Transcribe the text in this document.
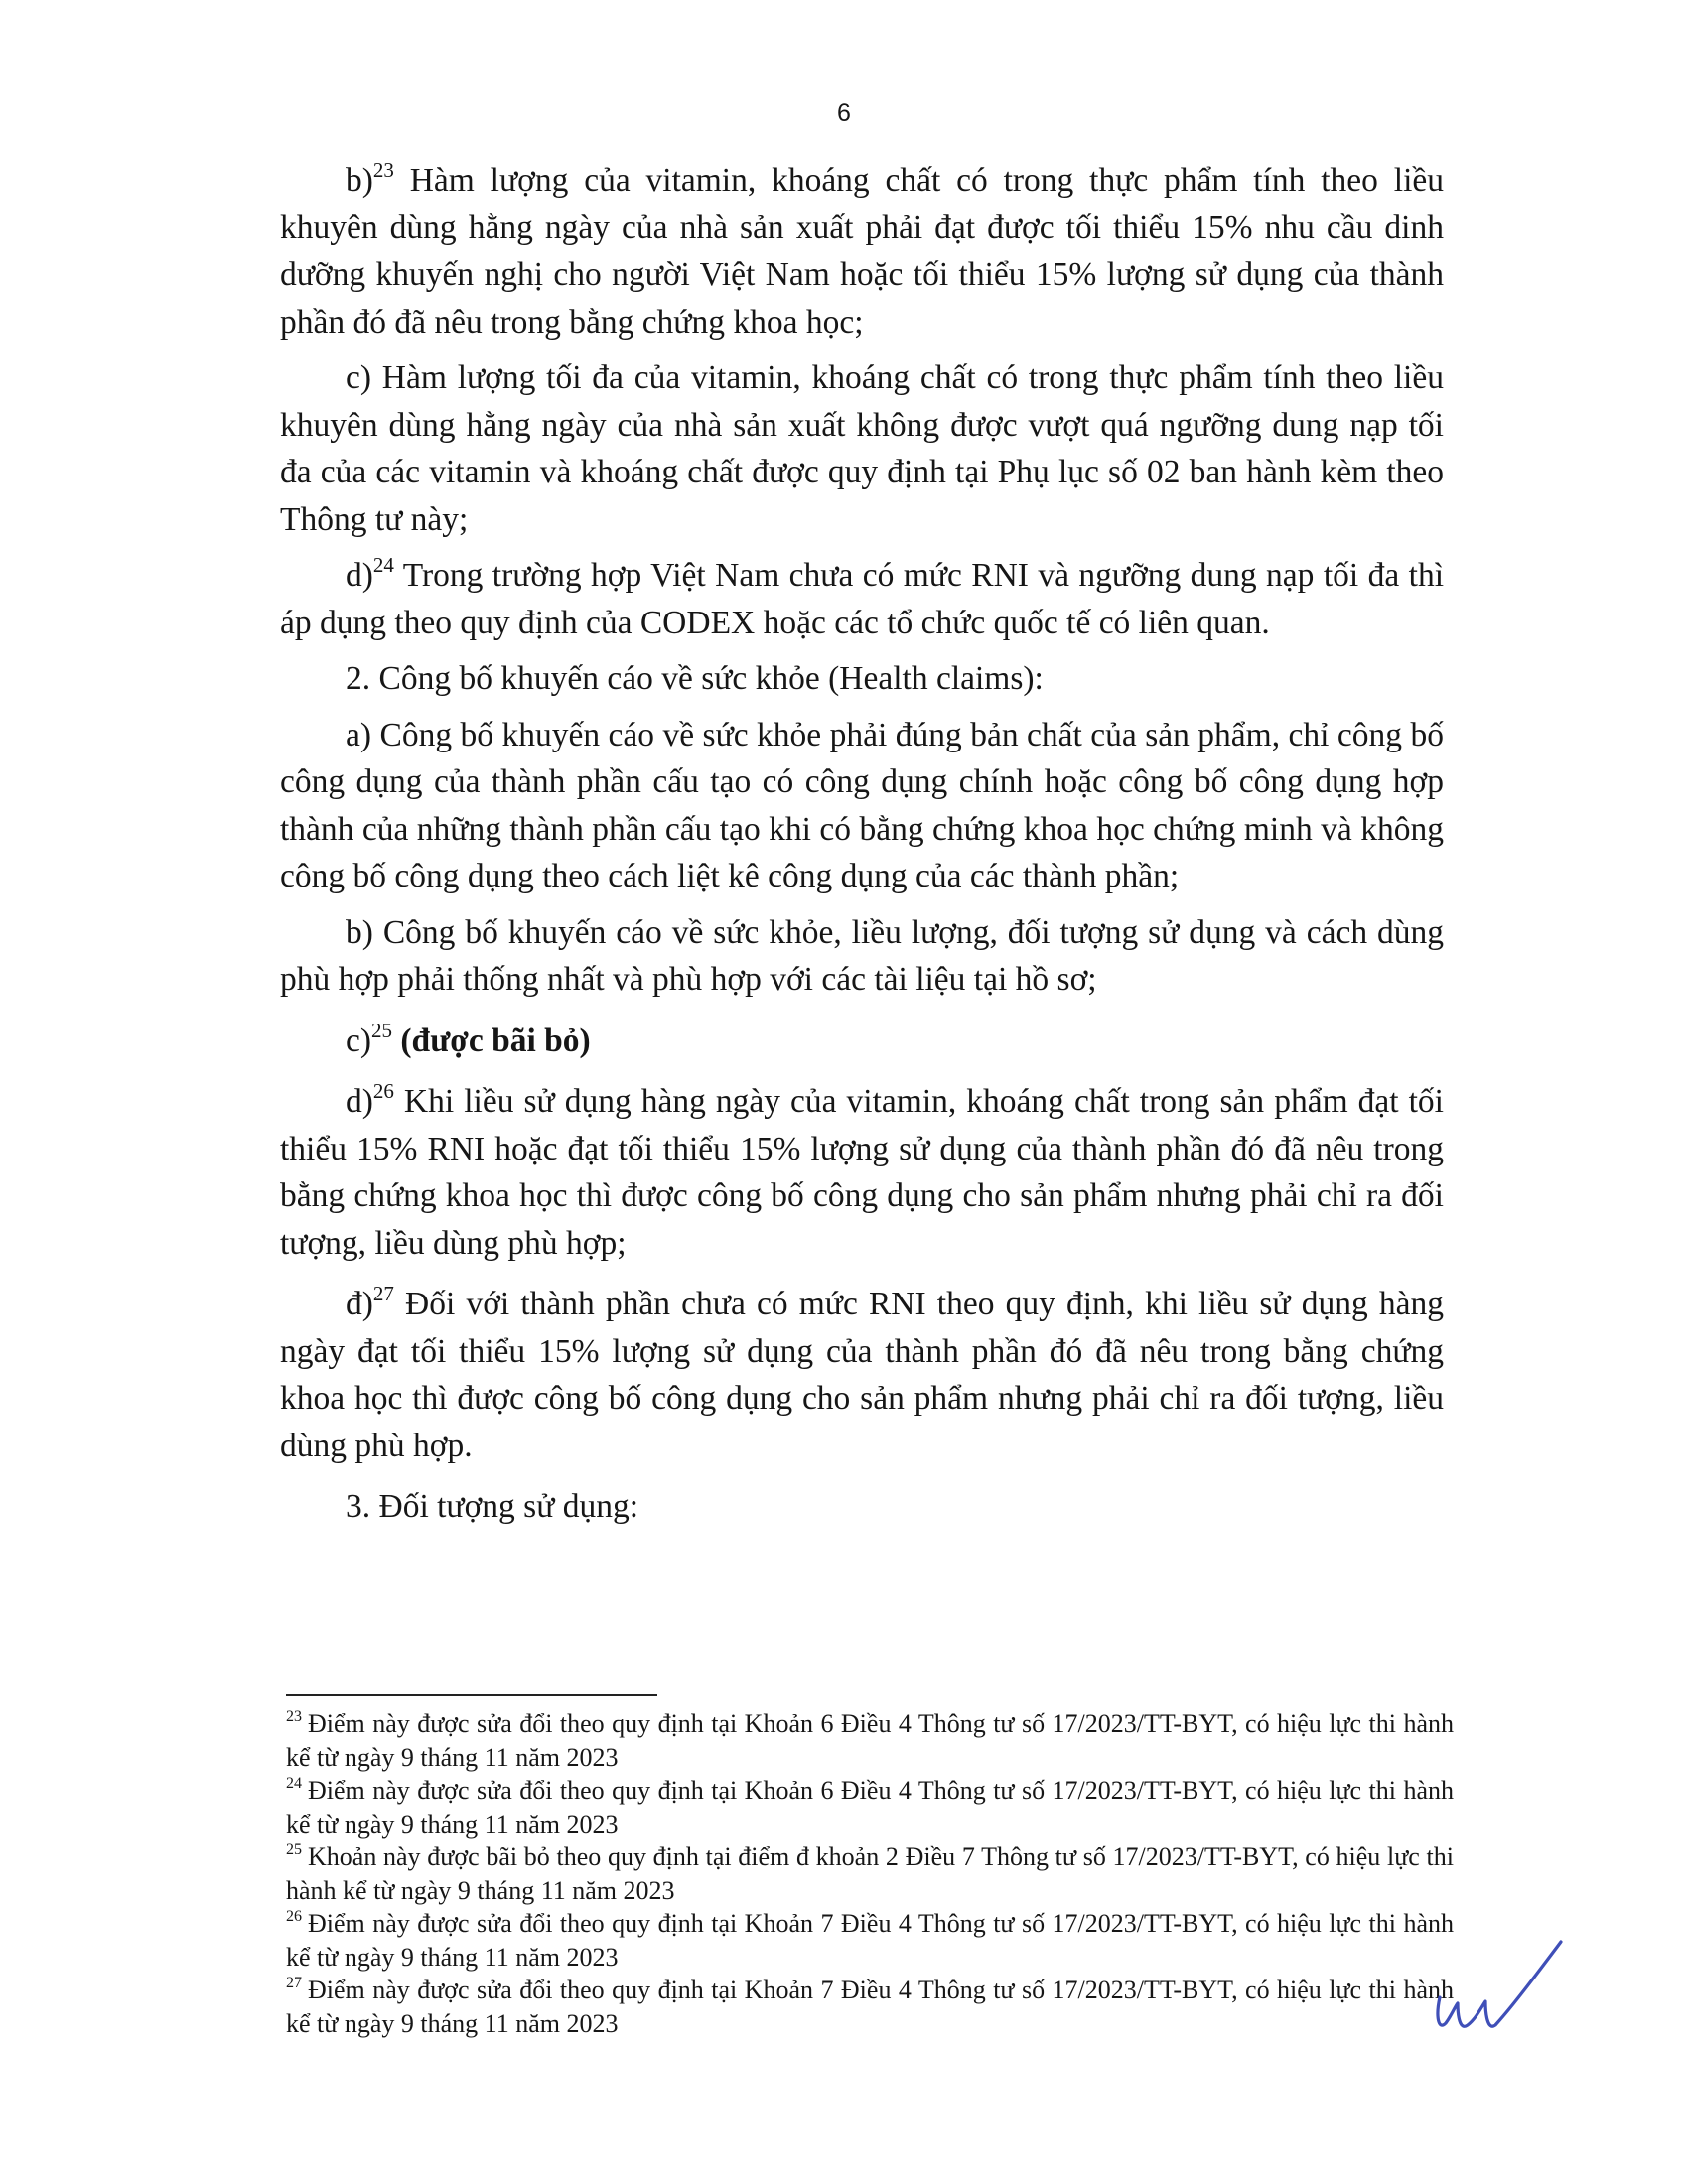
6

b)$^{23}$ Hàm lượng của vitamin, khoáng chất có trong thực phẩm tính theo liều khuyên dùng hằng ngày của nhà sản xuất phải đạt được tối thiểu 15% nhu cầu dinh dưỡng khuyến nghị cho người Việt Nam hoặc tối thiểu 15% lượng sử dụng của thành phần đó đã nêu trong bằng chứng khoa học;

c) Hàm lượng tối đa của vitamin, khoáng chất có trong thực phẩm tính theo liều khuyên dùng hằng ngày của nhà sản xuất không được vượt quá ngưỡng dung nạp tối đa của các vitamin và khoáng chất được quy định tại Phụ lục số 02 ban hành kèm theo Thông tư này;

d)$^{24}$ Trong trường hợp Việt Nam chưa có mức RNI và ngưỡng dung nạp tối đa thì áp dụng theo quy định của CODEX hoặc các tổ chức quốc tế có liên quan.

2. Công bố khuyến cáo về sức khỏe (Health claims):

a) Công bố khuyến cáo về sức khỏe phải đúng bản chất của sản phẩm, chỉ công bố công dụng của thành phần cấu tạo có công dụng chính hoặc công bố công dụng hợp thành của những thành phần cấu tạo khi có bằng chứng khoa học chứng minh và không công bố công dụng theo cách liệt kê công dụng của các thành phần;

b) Công bố khuyến cáo về sức khỏe, liều lượng, đối tượng sử dụng và cách dùng phù hợp phải thống nhất và phù hợp với các tài liệu tại hồ sơ;

c)$^{25}$ (được bãi bỏ)

d)$^{26}$ Khi liều sử dụng hàng ngày của vitamin, khoáng chất trong sản phẩm đạt tối thiểu 15% RNI hoặc đạt tối thiểu 15% lượng sử dụng của thành phần đó đã nêu trong bằng chứng khoa học thì được công bố công dụng cho sản phẩm nhưng phải chỉ ra đối tượng, liều dùng phù hợp;

đ)$^{27}$ Đối với thành phần chưa có mức RNI theo quy định, khi liều sử dụng hàng ngày đạt tối thiểu 15% lượng sử dụng của thành phần đó đã nêu trong bằng chứng khoa học thì được công bố công dụng cho sản phẩm nhưng phải chỉ ra đối tượng, liều dùng phù hợp.

3. Đối tượng sử dụng:

$^{23}$ Điểm này được sửa đổi theo quy định tại Khoản 6 Điều 4 Thông tư số 17/2023/TT-BYT, có hiệu lực thi hành kể từ ngày 9 tháng 11 năm 2023

$^{24}$ Điểm này được sửa đổi theo quy định tại Khoản 6 Điều 4 Thông tư số 17/2023/TT-BYT, có hiệu lực thi hành kể từ ngày 9 tháng 11 năm 2023

$^{25}$ Khoản này được bãi bỏ theo quy định tại điểm đ khoản 2 Điều 7 Thông tư số 17/2023/TT-BYT, có hiệu lực thi hành kể từ ngày 9 tháng 11 năm 2023

$^{26}$ Điểm này được sửa đổi theo quy định tại Khoản 7 Điều 4 Thông tư số 17/2023/TT-BYT, có hiệu lực thi hành kể từ ngày 9 tháng 11 năm 2023

$^{27}$ Điểm này được sửa đổi theo quy định tại Khoản 7 Điều 4 Thông tư số 17/2023/TT-BYT, có hiệu lực thi hành kể từ ngày 9 tháng 11 năm 2023
